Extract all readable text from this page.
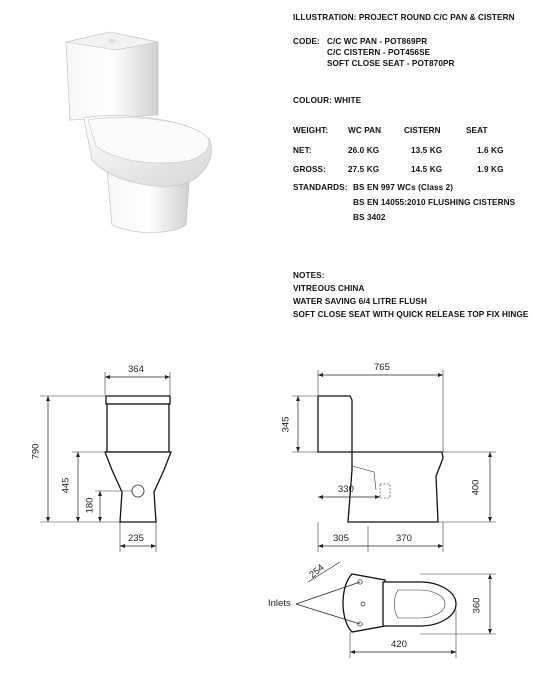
ILLUSTRATION: PROJECT ROUND C/C PAN & CISTERN
CODE: C/C WC PAN - POT869PR
C/C CISTERN - POT456SE
SOFT CLOSE SEAT - POT870PR
COLOUR: WHITE
WEIGHT: WC PAN	CISTERN	SEAT
NET:	26.0 KG	13.5 KG	1.6 KG
GROSS:	27.5 KG	14.5 KG	1.9 KG
STANDARDS: BS EN 997 WCs (Class 2)
BS EN 14055:2010 FLUSHING CISTERNS
BS 3402
NOTES:
VITREOUS CHINA
WATER SAVING 6/4 LITRE FLUSH
SOFT CLOSE SEAT WITH QUICK RELEASE TOP FIX HINGE
364
790
445
180
235
765
345
330	400
305	370
254
Inlets
420
360
